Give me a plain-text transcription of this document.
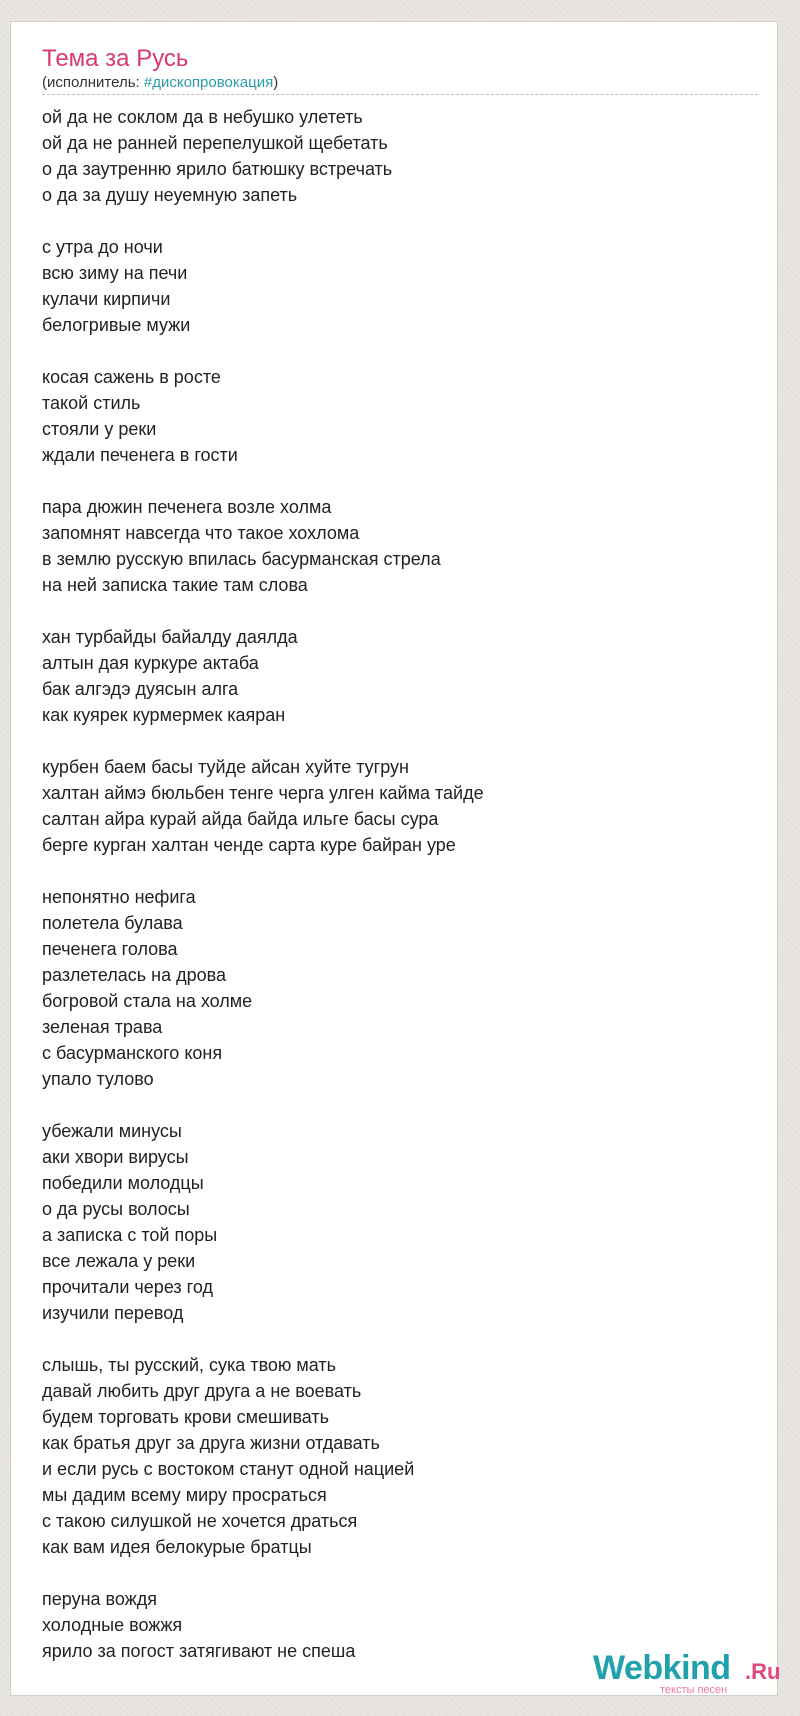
Тема за Русь
(исполнитель: #дископровокация)
ой да не соклом да в небушко улететь
ой да не ранней перепелушкой щебетать
о да заутренню ярило батюшку встречать
о да за душу неуемную запеть
с утра до ночи
всю зиму на печи
кулачи кирпичи
белогривые мужи
косая сажень в росте
такой стиль
стояли у реки
ждали печенега в гости
пара дюжин печенега возле холма
запомнят навсегда что такое хохлома
в землю русскую впилась басурманская стрела
на ней записка такие там слова
хан турбайды байалду даялда
алтын дая куркуре актаба
бак алгэдэ дуясын алга
как куярек курмермек каяран
курбен баем басы туйде айсан хуйте тугрун
халтан аймэ бюльбен тенге черга улген кайма тайде
салтан айра курай айда байда ильге басы сура
берге курган халтан ченде сарта куре байран уре
непонятно нефига
полетела булава
печенега голова
разлетелась на дрова
богровой стала на холме
зеленая трава
с басурманского коня
упало тулово
убежали минусы
аки хвори вирусы
победили молодцы
о да русы волосы
а записка с той поры
все лежала у реки
прочитали через год
изучили перевод
слышь, ты русский, сука твою мать
давай любить друг друга а не воевать
будем торговать крови смешивать
как братья друг за друга жизни отдавать
и если русь с востоком станут одной нацией
мы дадим всему миру просраться
с такою силушкой не хочется драться
как вам идея белокурые братцы
перуна вождя
холодные вожжя
ярило за погост затягивают не спеша	Webkind .Ru
тексты песен
